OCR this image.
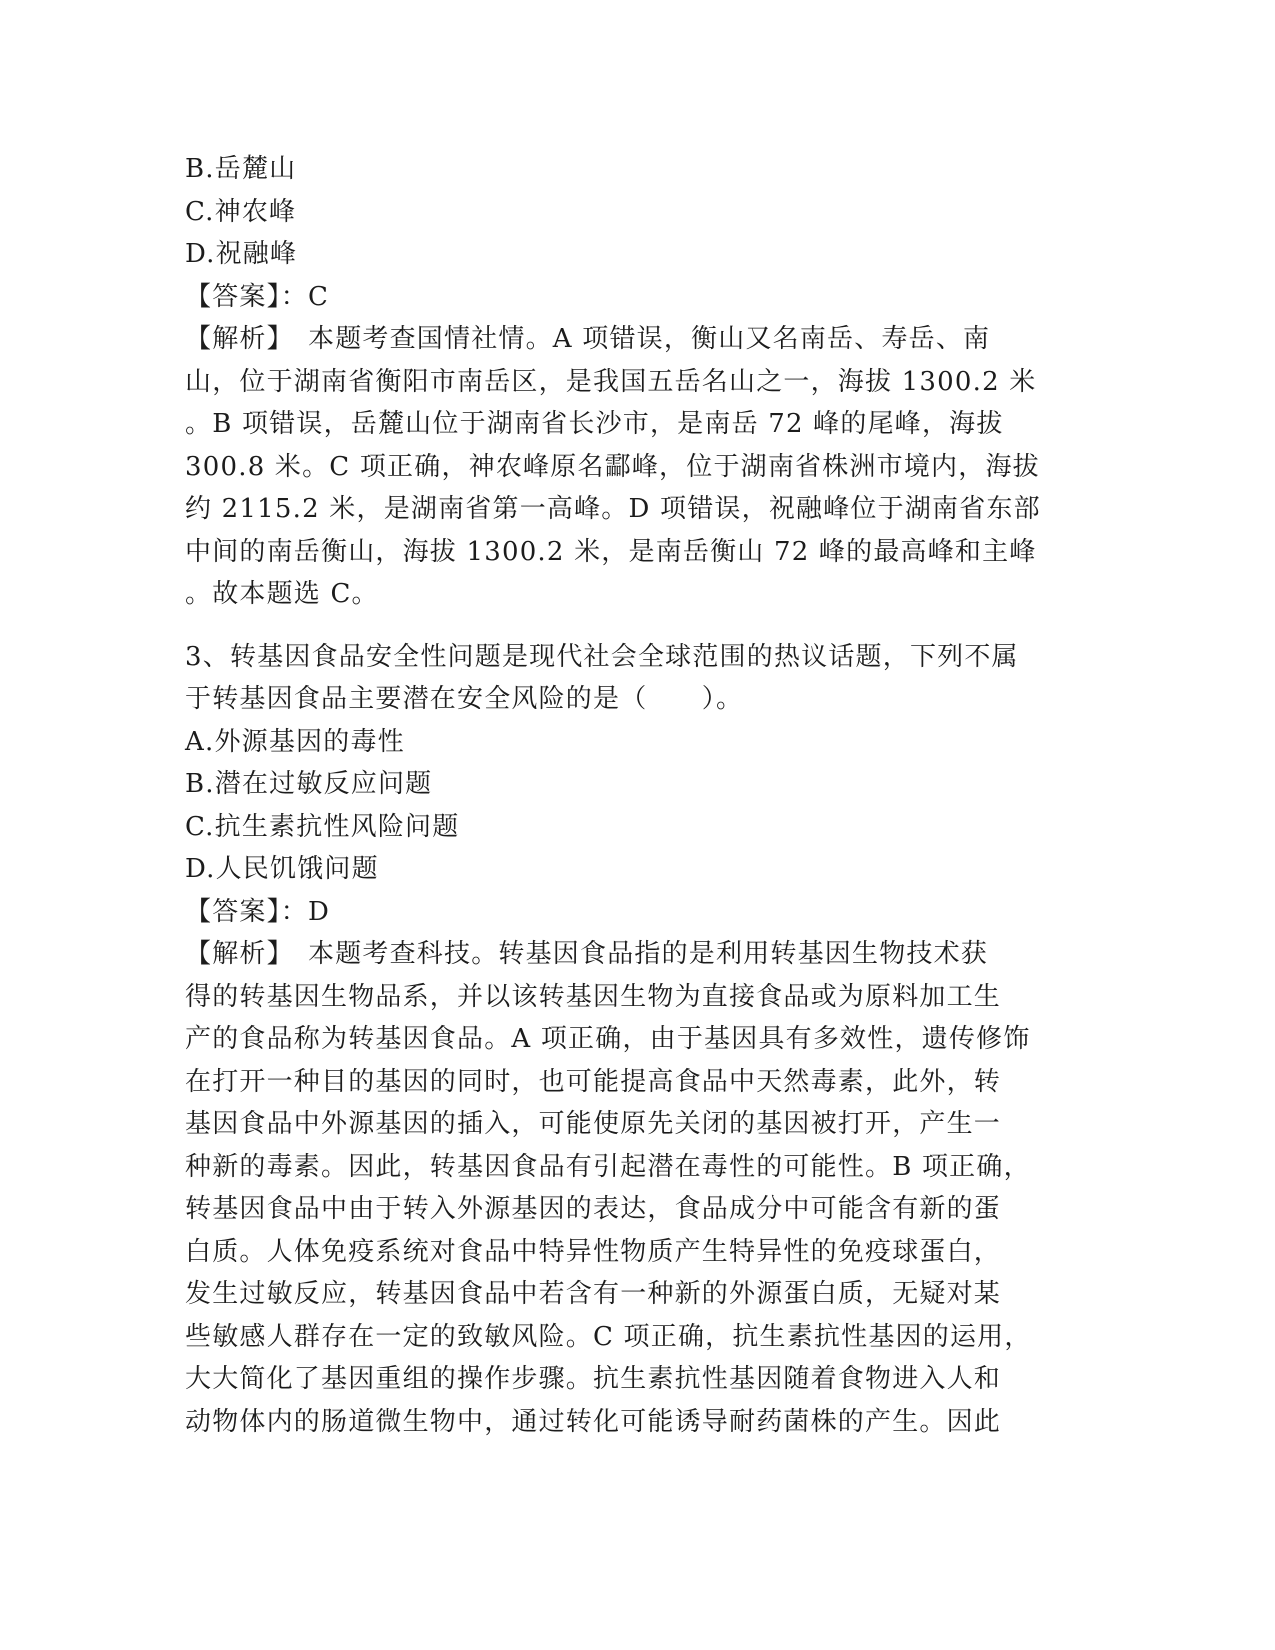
B.岳麓山
C.神农峰
D.祝融峰
【答案】：C
【解析】　本题考查国情社情。A 项错误，衡山又名南岳、寿岳、南
山，位于湖南省衡阳市南岳区，是我国五岳名山之一，海拔 1300.2 米
。B 项错误，岳麓山位于湖南省长沙市，是南岳 72 峰的尾峰，海拔
300.8 米。C 项正确，神农峰原名酃峰，位于湖南省株洲市境内，海拔
约 2115.2 米，是湖南省第一高峰。D 项错误，祝融峰位于湖南省东部
中间的南岳衡山，海拔 1300.2 米，是南岳衡山 72 峰的最高峰和主峰
。故本题选 C。
3、转基因食品安全性问题是现代社会全球范围的热议话题，下列不属
于转基因食品主要潜在安全风险的是（　　）。
A.外源基因的毒性
B.潜在过敏反应问题
C.抗生素抗性风险问题
D.人民饥饿问题
【答案】：D
【解析】　本题考查科技。转基因食品指的是利用转基因生物技术获
得的转基因生物品系，并以该转基因生物为直接食品或为原料加工生
产的食品称为转基因食品。A 项正确，由于基因具有多效性，遗传修饰
在打开一种目的基因的同时，也可能提高食品中天然毒素，此外，转
基因食品中外源基因的插入，可能使原先关闭的基因被打开，产生一
种新的毒素。因此，转基因食品有引起潜在毒性的可能性。B 项正确，
转基因食品中由于转入外源基因的表达，食品成分中可能含有新的蛋
白质。人体免疫系统对食品中特异性物质产生特异性的免疫球蛋白，
发生过敏反应，转基因食品中若含有一种新的外源蛋白质，无疑对某
些敏感人群存在一定的致敏风险。C 项正确，抗生素抗性基因的运用，
大大简化了基因重组的操作步骤。抗生素抗性基因随着食物进入人和
动物体内的肠道微生物中，通过转化可能诱导耐药菌株的产生。因此
